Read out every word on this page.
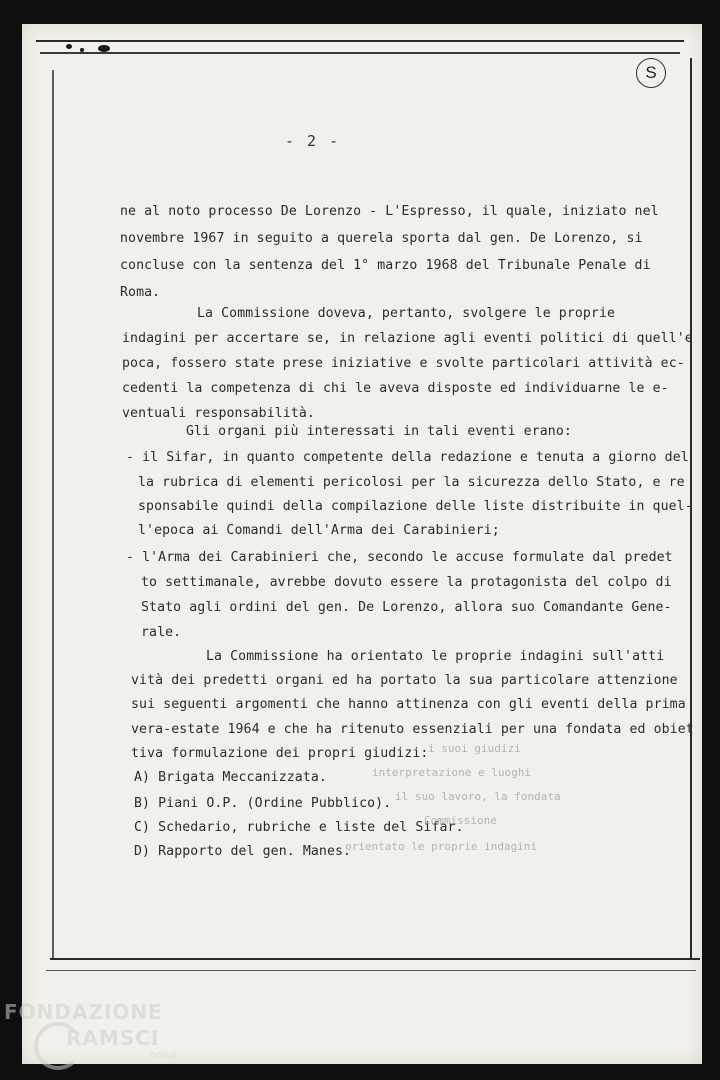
S
- 2 -
ne al noto processo De Lorenzo - L'Espresso, il quale, iniziato nel
novembre 1967 in seguito a querela sporta dal gen. De Lorenzo, si
concluse con la sentenza del 1° marzo 1968 del Tribunale Penale di
Roma.
La Commissione doveva, pertanto, svolgere le proprie
indagini per accertare se, in relazione agli eventi politici di quell'e
poca, fossero state prese iniziative e svolte particolari attività ec-
cedenti la competenza di chi le aveva disposte ed individuarne le e-
ventuali responsabilità.
Gli organi più interessati in tali eventi erano:
- il Sifar, in quanto competente della redazione e tenuta a giorno del
la rubrica di elementi pericolosi per la sicurezza dello Stato, e re
sponsabile quindi della compilazione delle liste distribuite in quel-
l'epoca ai Comandi dell'Arma dei Carabinieri;
- l'Arma dei Carabinieri che, secondo le accuse formulate dal predet
to settimanale, avrebbe dovuto essere la protagonista del colpo di
Stato agli ordini del gen. De Lorenzo, allora suo Comandante Gene-
rale.
La Commissione ha orientato le proprie indagini sull'atti
vità dei predetti organi ed ha portato la sua particolare attenzione
sui seguenti argomenti che hanno attinenza con gli eventi della prima
vera-estate 1964 e che ha ritenuto essenziali per una fondata ed obiet
tiva formulazione dei propri giudizi:
A) Brigata Meccanizzata.
B) Piani O.P. (Ordine Pubblico).
C) Schedario, rubriche e liste del Sifar.
D) Rapporto del gen. Manes.
i suoi giudizi
interpretazione e luoghi
il suo lavoro, la fondata
Commissione
orientato le proprie indagini
FONDAZIONE
RAMSCI
onlus
